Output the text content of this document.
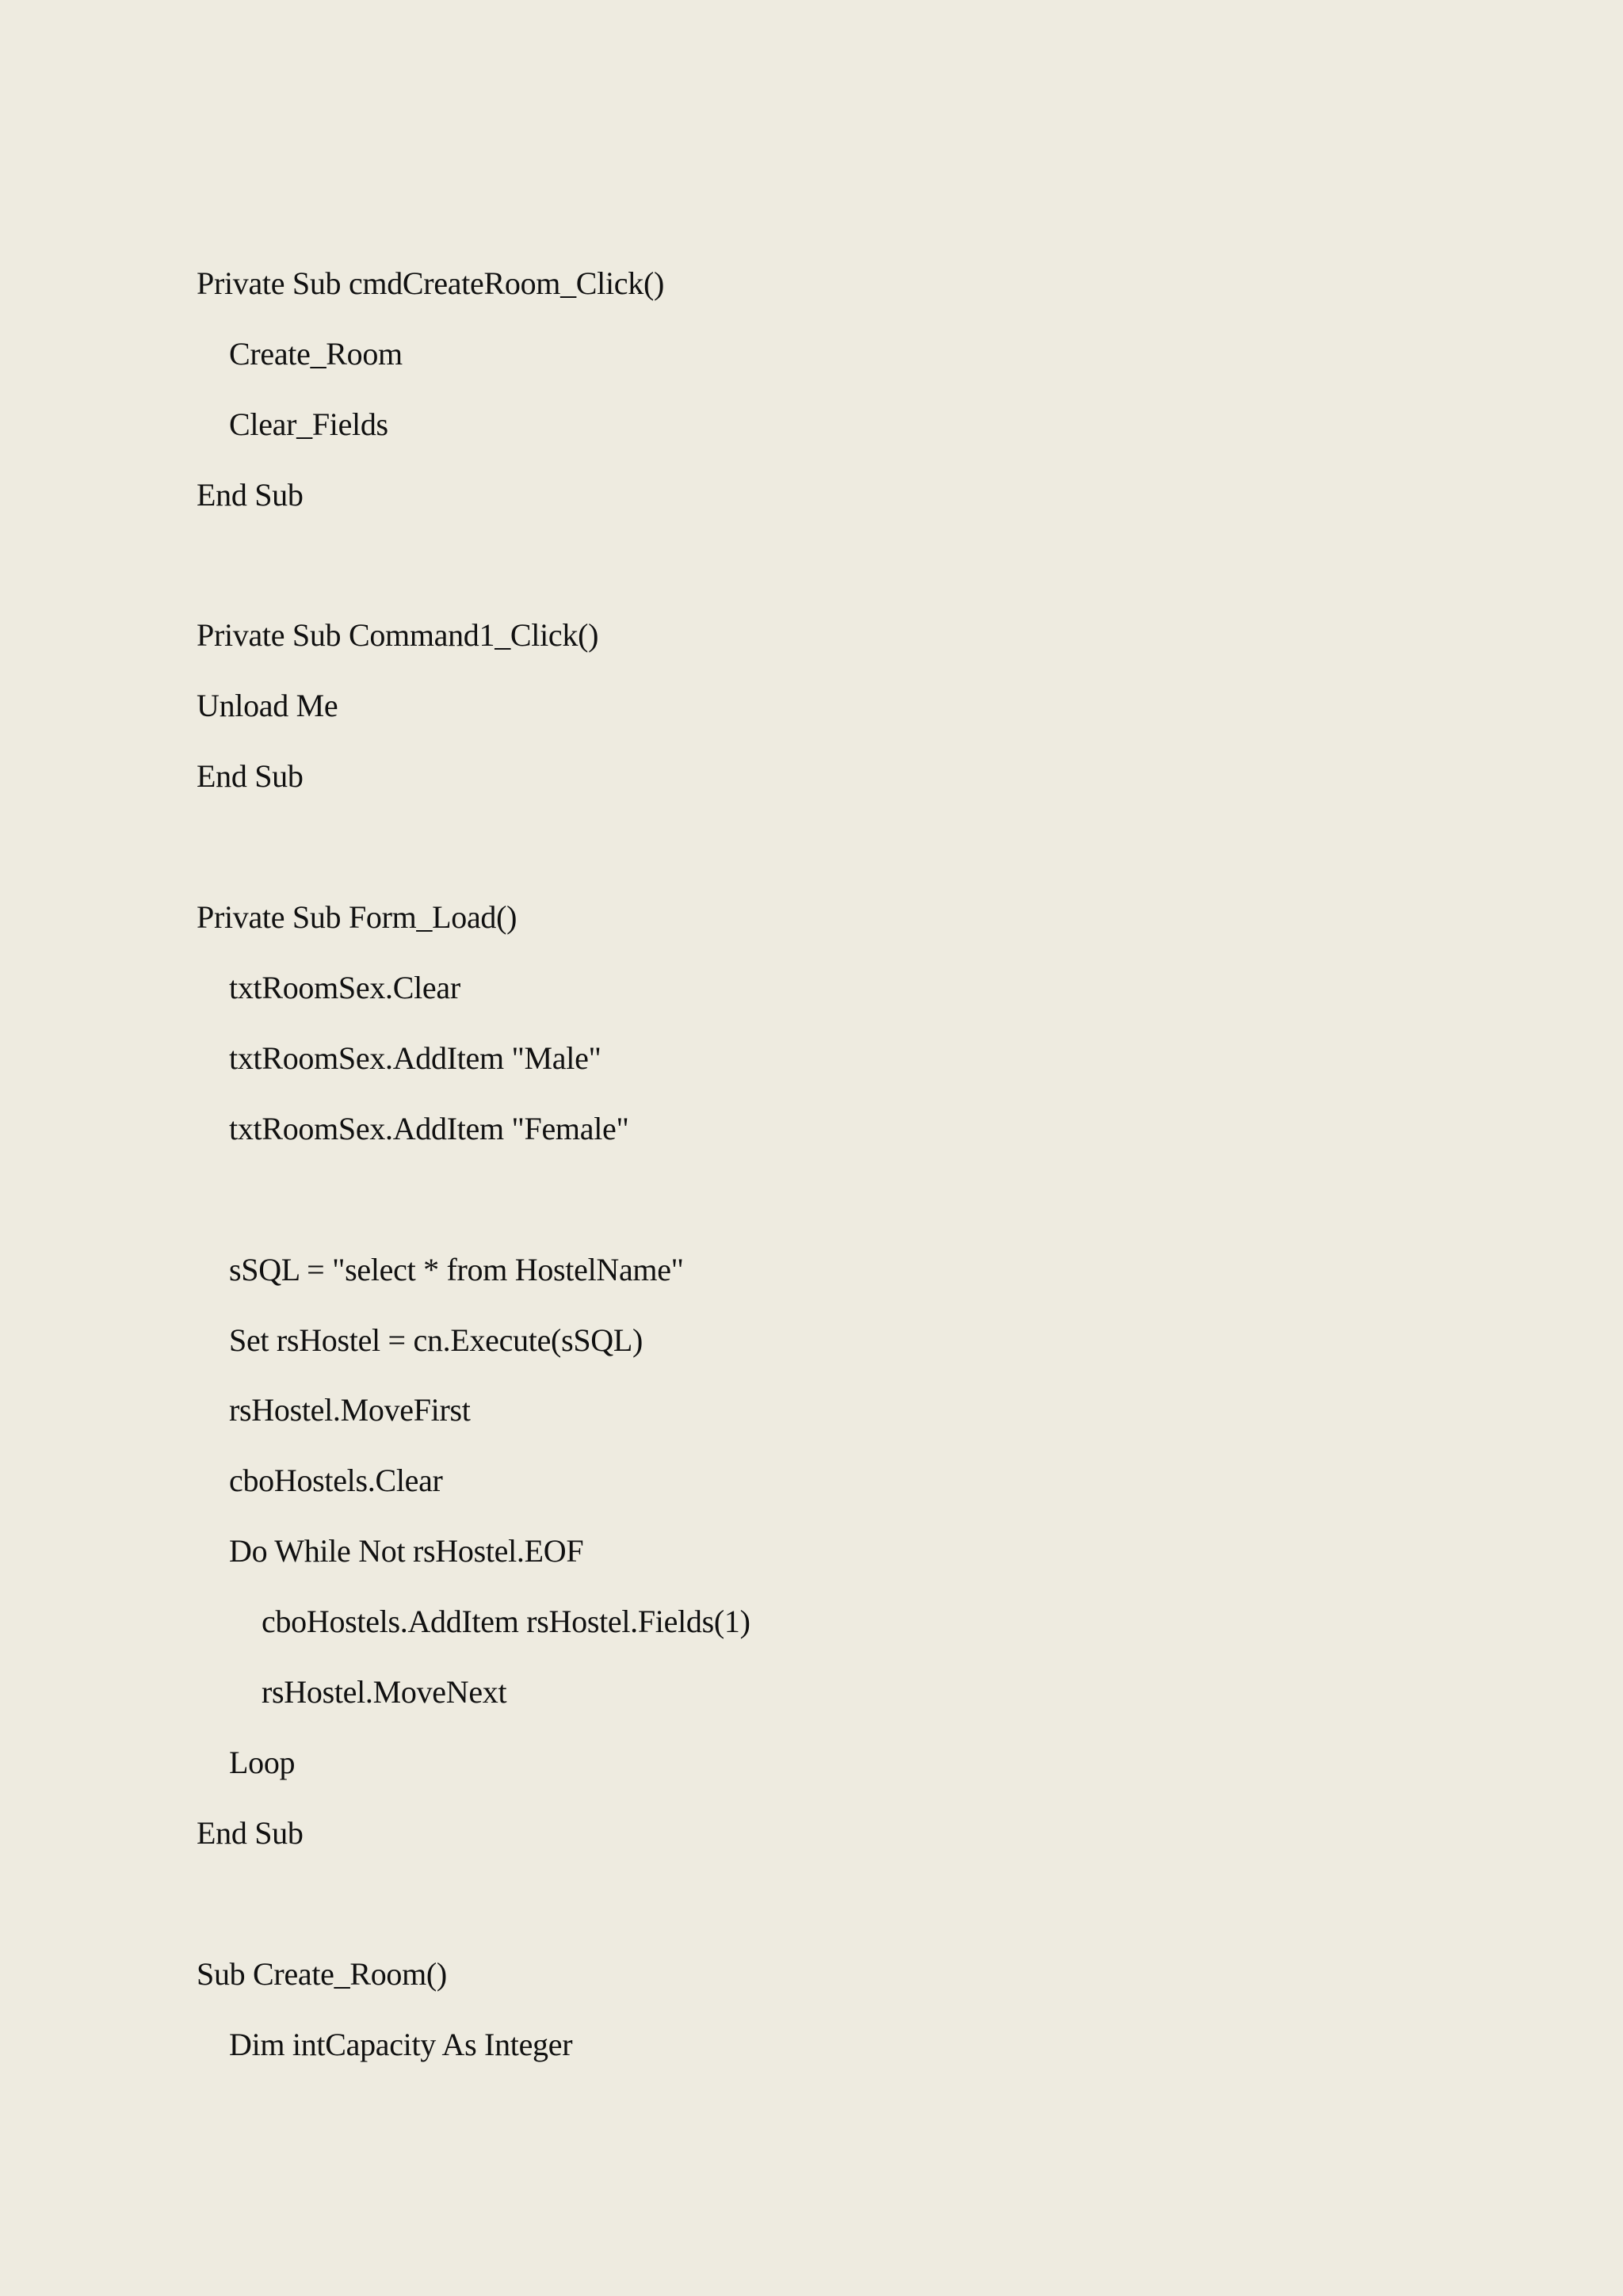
Private Sub cmdCreateRoom_Click()
Create_Room
Clear_Fields
End Sub
Private Sub Command1_Click()
Unload Me
End Sub
Private Sub Form_Load()
txtRoomSex.Clear
txtRoomSex.AddItem "Male"
txtRoomSex.AddItem "Female"
sSQL = "select * from HostelName"
Set rsHostel = cn.Execute(sSQL)
rsHostel.MoveFirst
cboHostels.Clear
Do While Not rsHostel.EOF
cboHostels.AddItem rsHostel.Fields(1)
rsHostel.MoveNext
Loop
End Sub
Sub Create_Room()
Dim intCapacity As Integer
